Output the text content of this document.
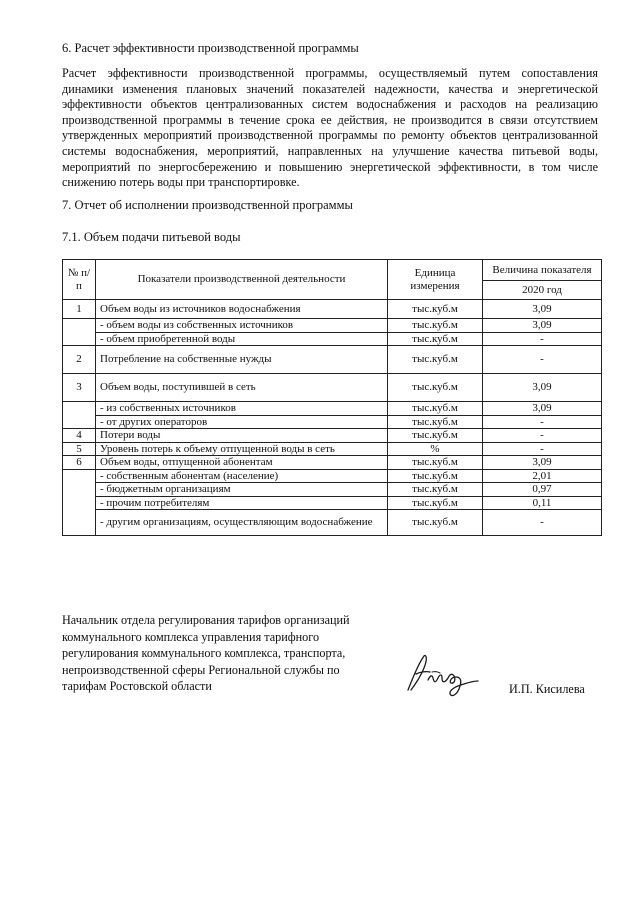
6. Расчет эффективности производственной программы

Расчет эффективности производственной программы, осуществляемый путем сопоставления динамики изменения плановых значений показателей надежности, качества и энергетической эффективности объектов централизованных систем водоснабжения и расходов на реализацию производственной программы в течение срока ее действия, не производится в связи отсутствием утвержденных мероприятий производственной программы по ремонту объектов централизованной системы водоснабжения, мероприятий, направленных на улучшение качества питьевой воды, мероприятий по энергосбережению и повышению энергетической эффективности, в том числе снижению потерь воды при транспортировке.

7. Отчет об исполнении производственной программы
7.1. Объем подачи питьевой воды
№ п/п	Показатели производственной деятельности	Единица измерения	Величина показателя
			2020 год
1	Объем воды из источников водоснабжения	тыс.куб.м	3,09
	- объем воды из собственных источников	тыс.куб.м	3,09
	- объем приобретенной воды	тыс.куб.м	-
2	Потребление на собственные нужды	тыс.куб.м	-
3	Объем воды, поступившей в сеть	тыс.куб.м	3,09
	- из собственных источников	тыс.куб.м	3,09
	- от других операторов	тыс.куб.м	-
4	Потери воды	тыс.куб.м	-
5	Уровень потерь к объему отпущенной воды в сеть	%	-
6	Объем воды, отпущенной абонентам	тыс.куб.м	3,09
	- собственным абонентам (население)	тыс.куб.м	2,01
	- бюджетным организациям	тыс.куб.м	0,97
	- прочим потребителям	тыс.куб.м	0,11
	- другим организациям, осуществляющим водоснабжение	тыс.куб.м	-
Начальник отдела регулирования тарифов организаций коммунального комплекса управления тарифного регулирования коммунального комплекса, транспорта, непроизводственной сферы Региональной службы по тарифам Ростовской области	И.П. Кисилева
